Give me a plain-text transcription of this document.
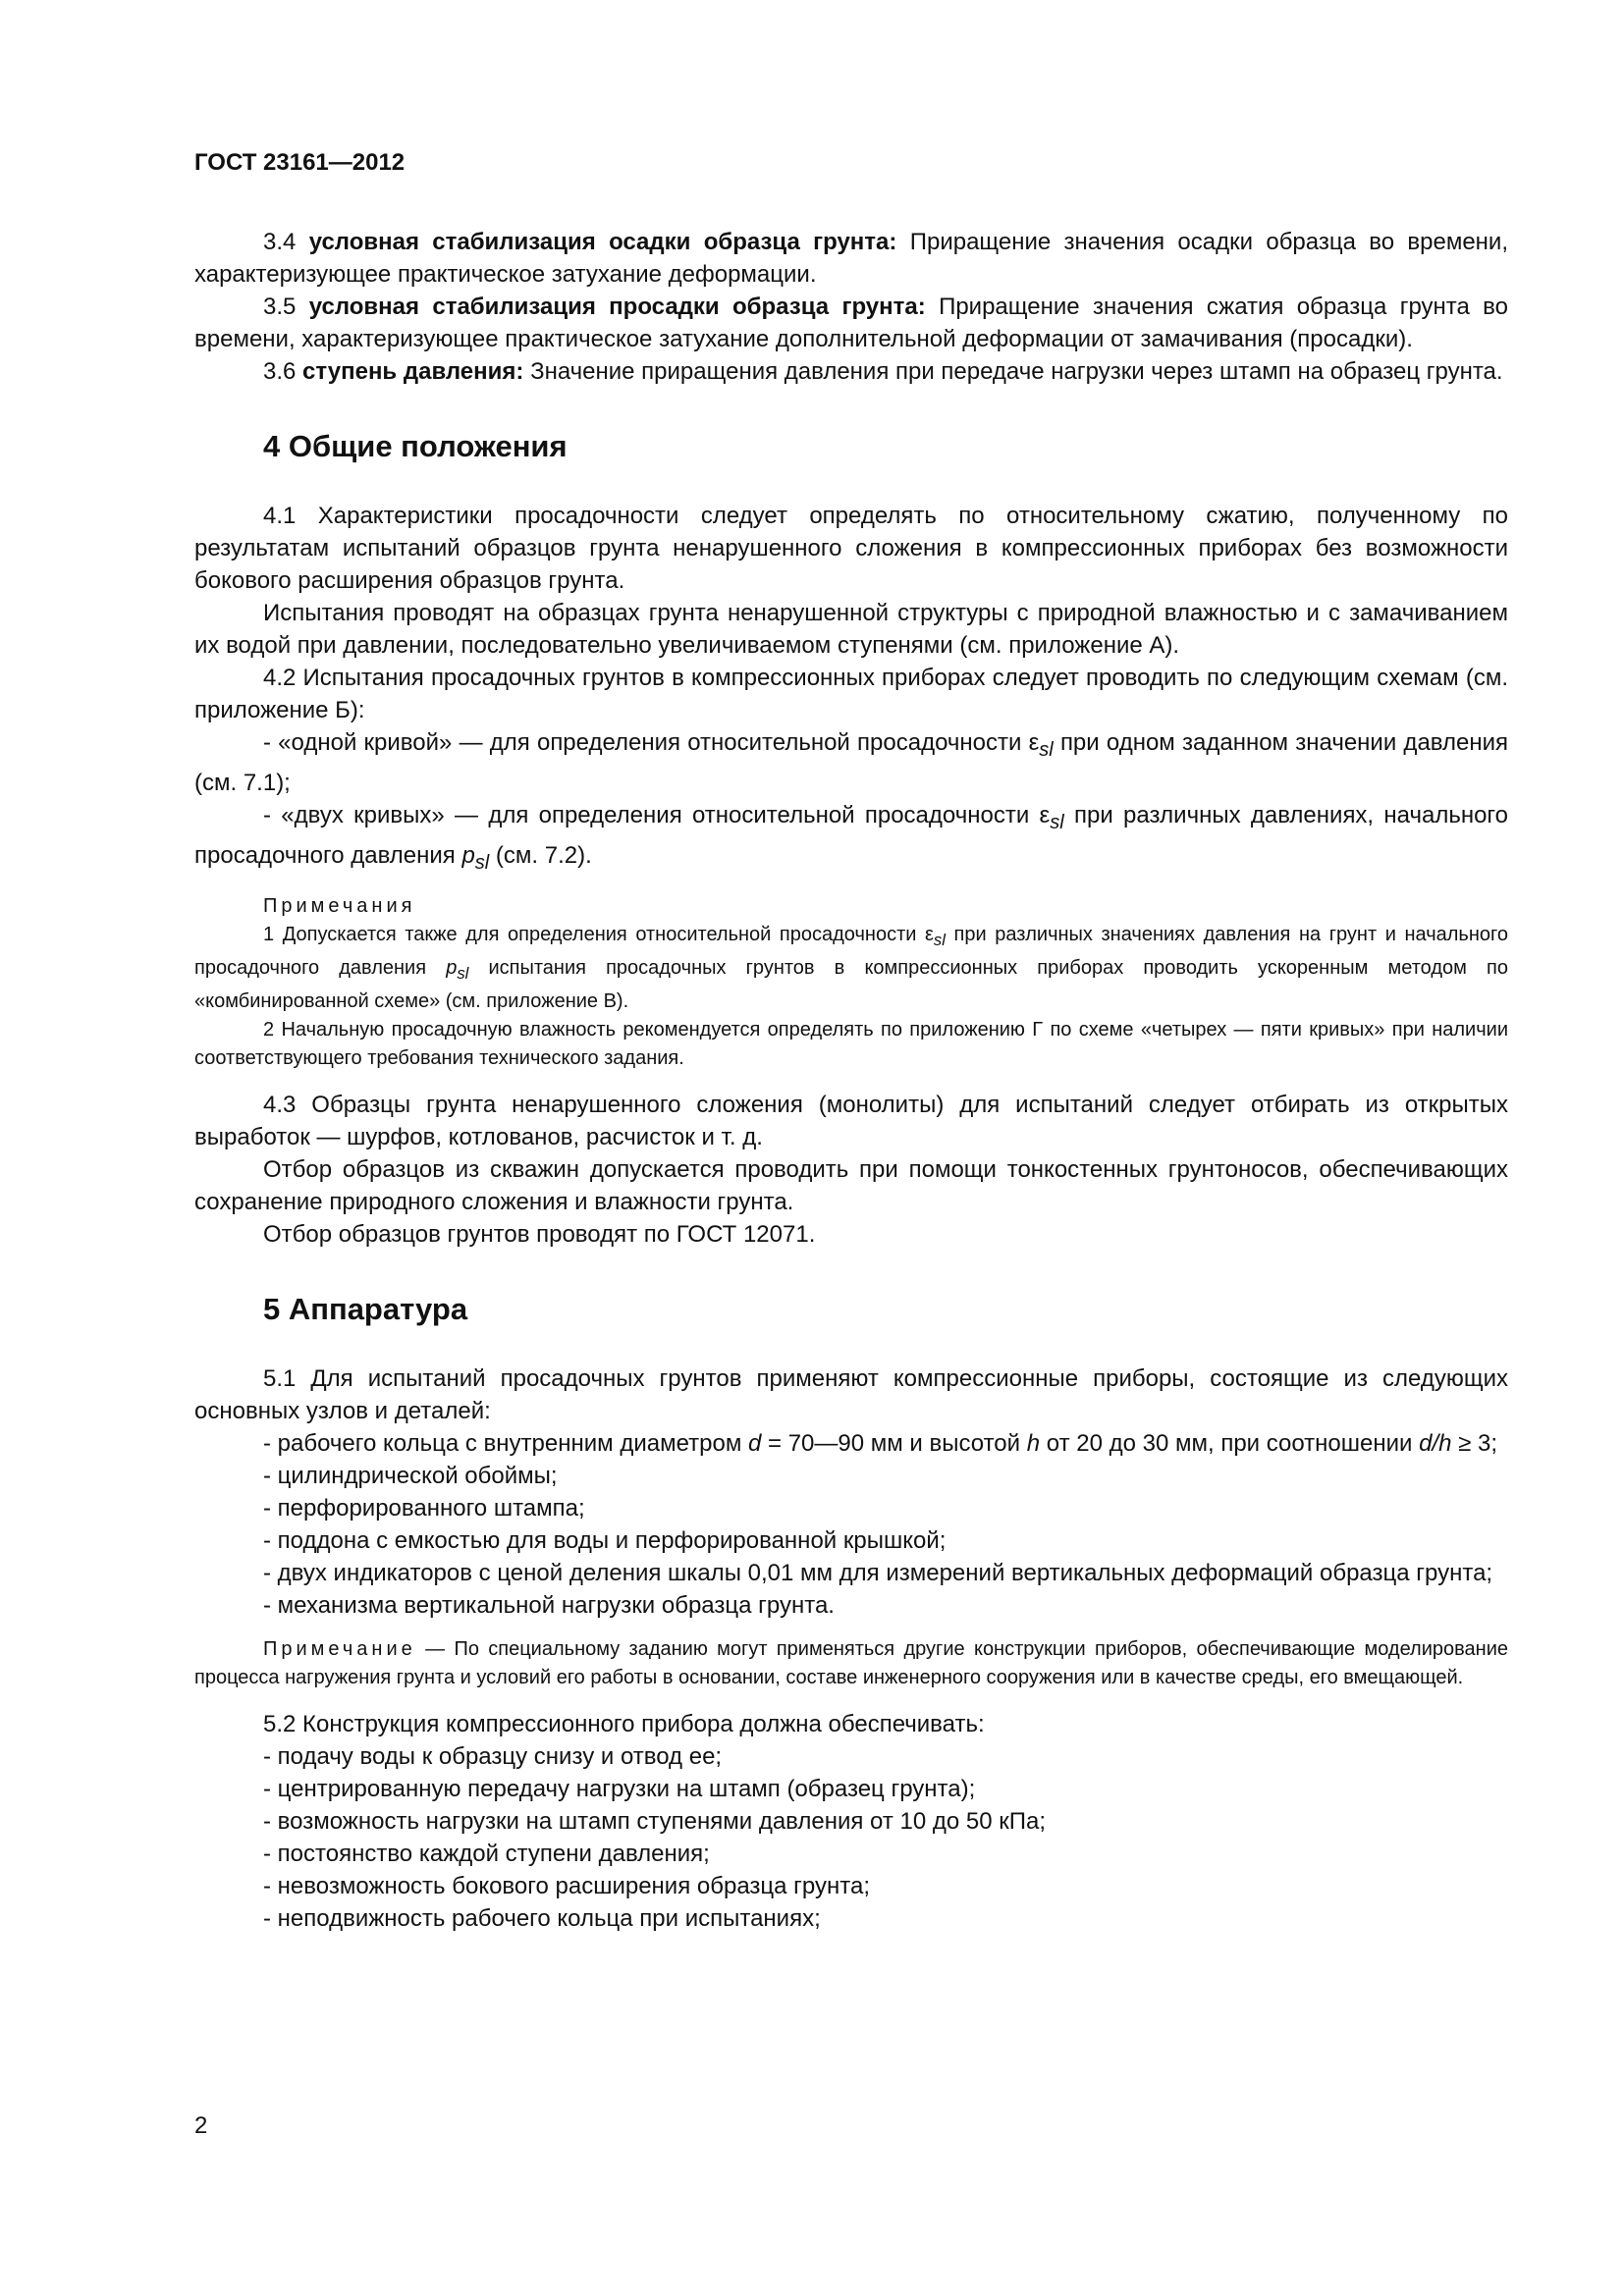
ГОСТ 23161—2012

3.4 условная стабилизация осадки образца грунта: Приращение значения осадки образца во времени, характеризующее практическое затухание деформации.

3.5 условная стабилизация просадки образца грунта: Приращение значения сжатия образца грунта во времени, характеризующее практическое затухание дополнительной деформации от замачивания (просадки).

3.6 ступень давления: Значение приращения давления при передаче нагрузки через штамп на образец грунта.

4 Общие положения

4.1 Характеристики просадочности следует определять по относительному сжатию, полученному по результатам испытаний образцов грунта ненарушенного сложения в компрессионных приборах без возможности бокового расширения образцов грунта.

Испытания проводят на образцах грунта ненарушенной структуры с природной влажностью и с замачиванием их водой при давлении, последовательно увеличиваемом ступенями (см. приложение А).

4.2 Испытания просадочных грунтов в компрессионных приборах следует проводить по следующим схемам (см. приложение Б):

- «одной кривой» — для определения относительной просадочности $\varepsilon_{sl}$ при одном заданном значении давления (см. 7.1);

- «двух кривых» — для определения относительной просадочности $\varepsilon_{sl}$ при различных давлениях, начального просадочного давления $p_{sl}$ (см. 7.2).

Примечания

1 Допускается также для определения относительной просадочности $\varepsilon_{sl}$ при различных значениях давления на грунт и начального просадочного давления $p_{sl}$ испытания просадочных грунтов в компрессионных приборах проводить ускоренным методом по «комбинированной схеме» (см. приложение В).

2 Начальную просадочную влажность рекомендуется определять по приложению Г по схеме «четырех — пяти кривых» при наличии соответствующего требования технического задания.

4.3 Образцы грунта ненарушенного сложения (монолиты) для испытаний следует отбирать из открытых выработок — шурфов, котлованов, расчисток и т. д.

Отбор образцов из скважин допускается проводить при помощи тонкостенных грунтоносов, обеспечивающих сохранение природного сложения и влажности грунта.

Отбор образцов грунтов проводят по ГОСТ 12071.

5 Аппаратура

5.1 Для испытаний просадочных грунтов применяют компрессионные приборы, состоящие из следующих основных узлов и деталей:

- рабочего кольца с внутренним диаметром d = 70—90 мм и высотой h от 20 до 30 мм, при соотношении d/h ≥ 3;

- цилиндрической обоймы;

- перфорированного штампа;

- поддона с емкостью для воды и перфорированной крышкой;

- двух индикаторов с ценой деления шкалы 0,01 мм для измерений вертикальных деформаций образца грунта;

- механизма вертикальной нагрузки образца грунта.

Примечание — По специальному заданию могут применяться другие конструкции приборов, обеспечивающие моделирование процесса нагружения грунта и условий его работы в основании, составе инженерного сооружения или в качестве среды, его вмещающей.

5.2 Конструкция компрессионного прибора должна обеспечивать:

- подачу воды к образцу снизу и отвод ее;

- центрированную передачу нагрузки на штамп (образец грунта);

- возможность нагрузки на штамп ступенями давления от 10 до 50 кПа;

- постоянство каждой ступени давления;

- невозможность бокового расширения образца грунта;

- неподвижность рабочего кольца при испытаниях;

2
